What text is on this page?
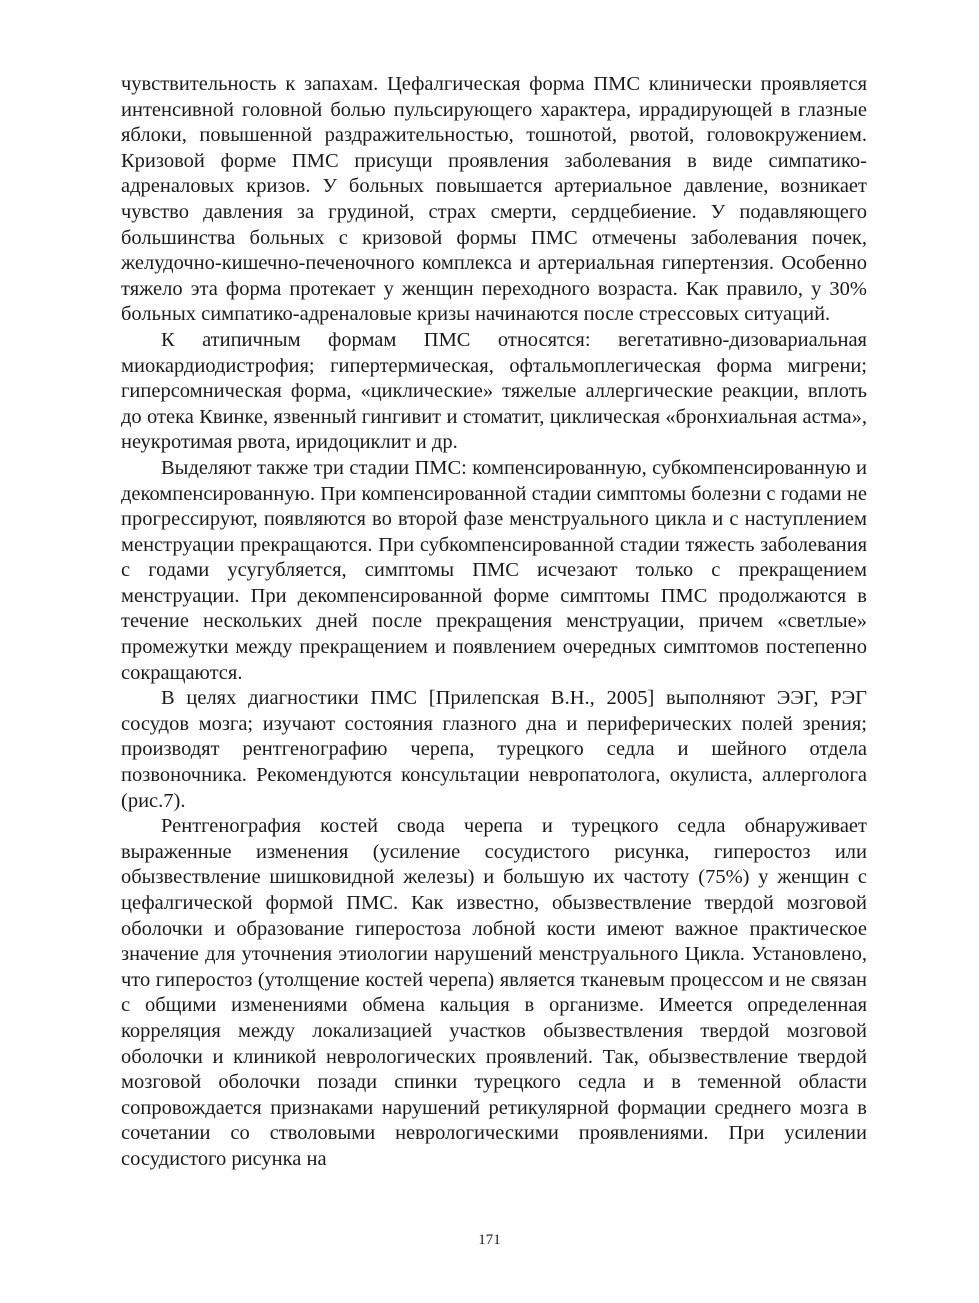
чувствительность к запахам. Цефалгическая форма ПМС клинически проявляется интенсивной головной болью пульсирующего характера, иррадирующей в глазные яблоки, повышенной раздражительностью, тошнотой, рвотой, головокружением. Кризовой форме ПМС присущи проявления заболевания в виде симпатико-адреналовых кризов. У больных повышается артериальное давление, возникает чувство давления за грудиной, страх смерти, сердцебиение. У подавляющего большинства больных с кризовой формы ПМС отмечены заболевания почек, желудочно-кишечно-печеночного комплекса и артериальная гипертензия. Особенно тяжело эта форма протекает у женщин переходного возраста. Как правило, у 30% больных симпатико-адреналовые кризы начинаются после стрессовых ситуаций.

К атипичным формам ПМС относятся: вегетативно-дизовариальная миокардиодистрофия; гипертермическая, офтальмоплегическая форма мигрени; гиперсомническая форма, «циклические» тяжелые аллергические реакции, вплоть до отека Квинке, язвенный гингивит и стоматит, циклическая «бронхиальная астма», неукротимая рвота, иридоциклит и др.

Выделяют также три стадии ПМС: компенсированную, субкомпенсированную и декомпенсированную. При компенсированной стадии симптомы болезни с годами не прогрессируют, появляются во второй фазе менструального цикла и с наступлением менструации прекращаются. При субкомпенсированной стадии тяжесть заболевания с годами усугубляется, симптомы ПМС исчезают только с прекращением менструации. При декомпенсированной форме симптомы ПМС продолжаются в течение нескольких дней после прекращения менструации, причем «светлые» промежутки между прекращением и появлением очередных симптомов постепенно сокращаются.

В целях диагностики ПМС [Прилепская В.Н., 2005] выполняют ЭЭГ, РЭГ сосудов мозга; изучают состояния глазного дна и периферических полей зрения; производят рентгенографию черепа, турецкого седла и шейного отдела позвоночника. Рекомендуются консультации невропатолога, окулиста, аллерголога (рис.7).

Рентгенография костей свода черепа и турецкого седла обнаруживает выраженные изменения (усиление сосудистого рисунка, гиперостоз или обызвествление шишковидной железы) и большую их частоту (75%) у женщин с цефалгической формой ПМС. Как известно, обызвествление твердой мозговой оболочки и образование гиперостоза лобной кости имеют важное практическое значение для уточнения этиологии нарушений менструального Цикла. Установлено, что гиперостоз (утолщение костей черепа) является тканевым процессом и не связан с общими изменениями обмена кальция в организме. Имеется определенная корреляция между локализацией участков обызвествления твердой мозговой оболочки и клиникой неврологических проявлений. Так, обызвествление твердой мозговой оболочки позади спинки турецкого седла и в теменной области сопровождается признаками нарушений ретикулярной формации среднего мозга в сочетании со стволовыми неврологическими проявлениями. При усилении сосудистого рисунка на

171
